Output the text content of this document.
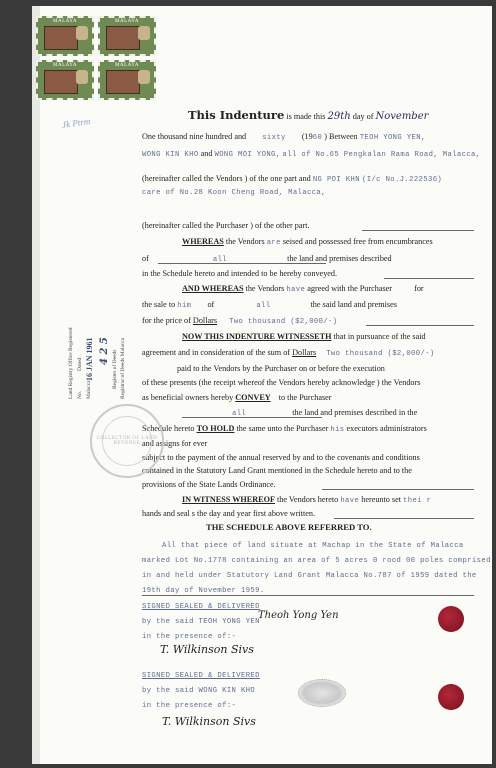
MALAYA	MALAYA
MALAYA	MALAYA
Jk Ptrm
This Indenture is made this 29th day of November
One thousand nine hundred and sixty (1960 ) Between TEOH YONG YEN,
WONG KIN KHO and WONG MOI YONG, all of No.65 Pengkalan Rama Road, Malacca,
(hereinafter called the Vendors ) of the one part and NG POI KHN (I/c No.J.222536)
care of No.28 Koon Cheng Road, Malacca,
(hereinafter called the Purchaser ) of the other part.
WHEREAS the Vendors are seised and possessed free from encumbrances
of	all	the land and premises described
in the Schedule hereto and intended to be hereby conveyed.
AND WHEREAS the Vendors have agreed with the Purchaser	for
the sale to him of	all	the said land and premises
for the price of Dollars Two thousand ($2,000/-)
NOW THIS INDENTURE WITNESSETH that in pursuance of the said
agreement and in consideration of the sum of Dollars Two thousand ($2,000/-)
paid to the Vendors by the Purchaser on or before the execution
of these presents (the receipt whereof the Vendors hereby acknowledge ) the Vendors
as beneficial owners hereby CONVEY to the Purchaser
all	the land and premises described in the
Schedule hereto TO HOLD the same unto the Purchaser his executors administrators
and assigns for ever
subject to the payment of the annual reserved by and to the covenants and conditions
contained in the Statutory Land Grant mentioned in the Schedule hereto and to the
provisions of the State Lands Ordinance.
IN WITNESS WHEREOF the Vendors hereto have hereunto set thei r
hands and seal s the day and year first above written.
THE SCHEDULE ABOVE REFERRED TO.
All that piece of land situate at Machap in the State of Malacca
marked Lot No.1778 containing an area of 5 acres 0 rood 00 poles comprised
in and held under Statutory Land Grant Malacca No.787 of 1959 dated the
19th day of November 1959.
SIGNED SEALED & DELIVERED
by the said TEOH YONG YEN
in the presence of:-
Theoh Yong Yen
T. Wilkinson Sivs
SIGNED SEALED & DELIVERED
by the said WONG KIN KHO
in the presence of:-
T. Wilkinson Sivs
Land Registry Office Registered No.
Dated
Malacca
16 JAN 1961	Register of Deeds
4 2 5 Registrar of Deeds Malacca
COLLECTOR OF LAND REVENUE
